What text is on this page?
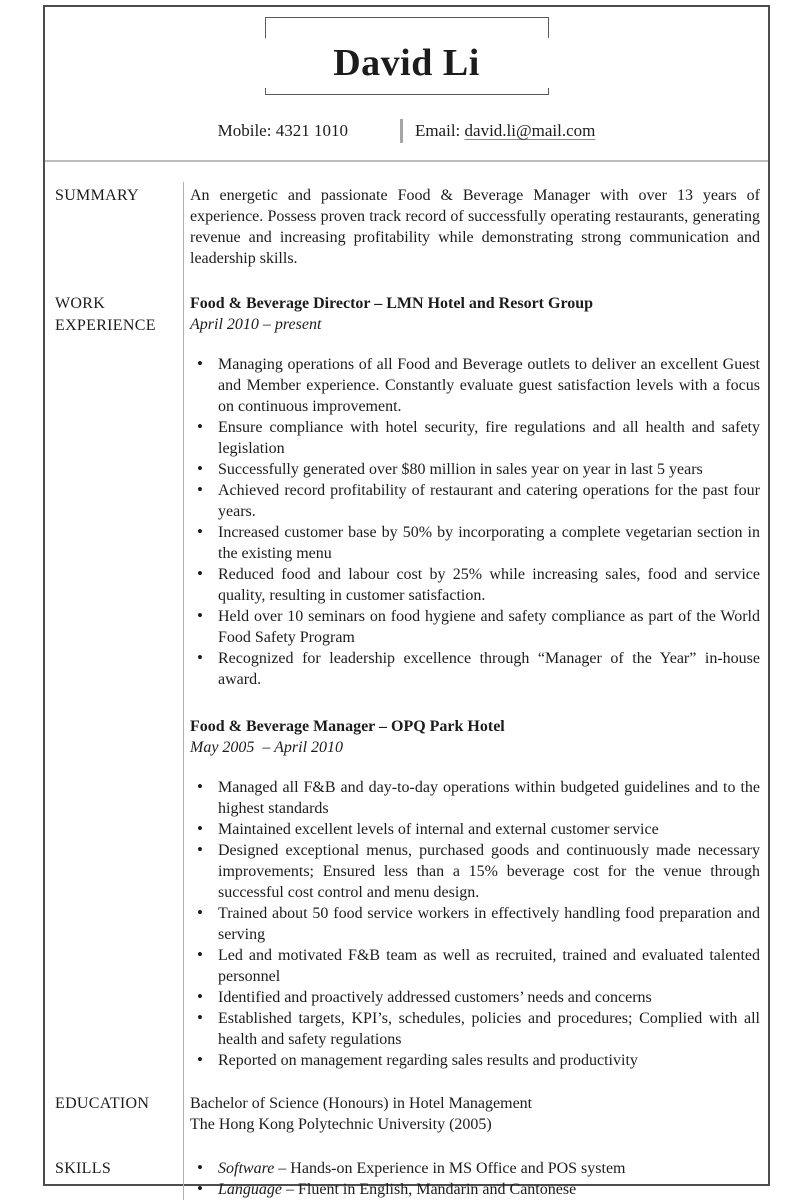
David Li
Mobile:
4321 1010	Email:
david.li@mail.com
SUMMARY	An energetic and passionate Food & Beverage Manager with over 13 years of experience. Possess proven track record of successfully operating restaurants, generating revenue and increasing profitability while demonstrating strong communication and leadership skills.

WORK EXPERIENCE
Food & Beverage Director – LMN Hotel and Resort Group
April 2010 – present
• Managing operations of all Food and Beverage outlets to deliver an excellent Guest and Member experience. Constantly evaluate guest satisfaction levels with a focus on continuous improvement.
• Ensure compliance with hotel security, fire regulations and all health and safety legislation
• Successfully generated over $80 million in sales year on year in last 5 years
• Achieved record profitability of restaurant and catering operations for the past four years.
• Increased customer base by 50% by incorporating a complete vegetarian section in the existing menu
• Reduced food and labour cost by 25% while increasing sales, food and service quality, resulting in customer satisfaction.
• Held over 10 seminars on food hygiene and safety compliance as part of the World Food Safety Program
• Recognized for leadership excellence through “Manager of the Year” in-house award.
Food & Beverage Manager – OPQ Park Hotel
May 2005  – April 2010
• Managed all F&B and day-to-day operations within budgeted guidelines and to the highest standards
• Maintained excellent levels of internal and external customer service
• Designed exceptional menus, purchased goods and continuously made necessary improvements; Ensured less than a 15% beverage cost for the venue through successful cost control and menu design.
• Trained about 50 food service workers in effectively handling food preparation and serving
• Led and motivated F&B team as well as recruited, trained and evaluated talented personnel
• Identified and proactively addressed customers’ needs and concerns
• Established targets, KPI’s, schedules, policies and procedures; Complied with all health and safety regulations
• Reported on management regarding sales results and productivity
EDUCATION	Bachelor of Science (Honours) in Hotel Management
The Hong Kong Polytechnic University (2005)
SKILLS	• Software – Hands-on Experience in MS Office and POS system
• Language – Fluent in English, Mandarin and Cantonese
